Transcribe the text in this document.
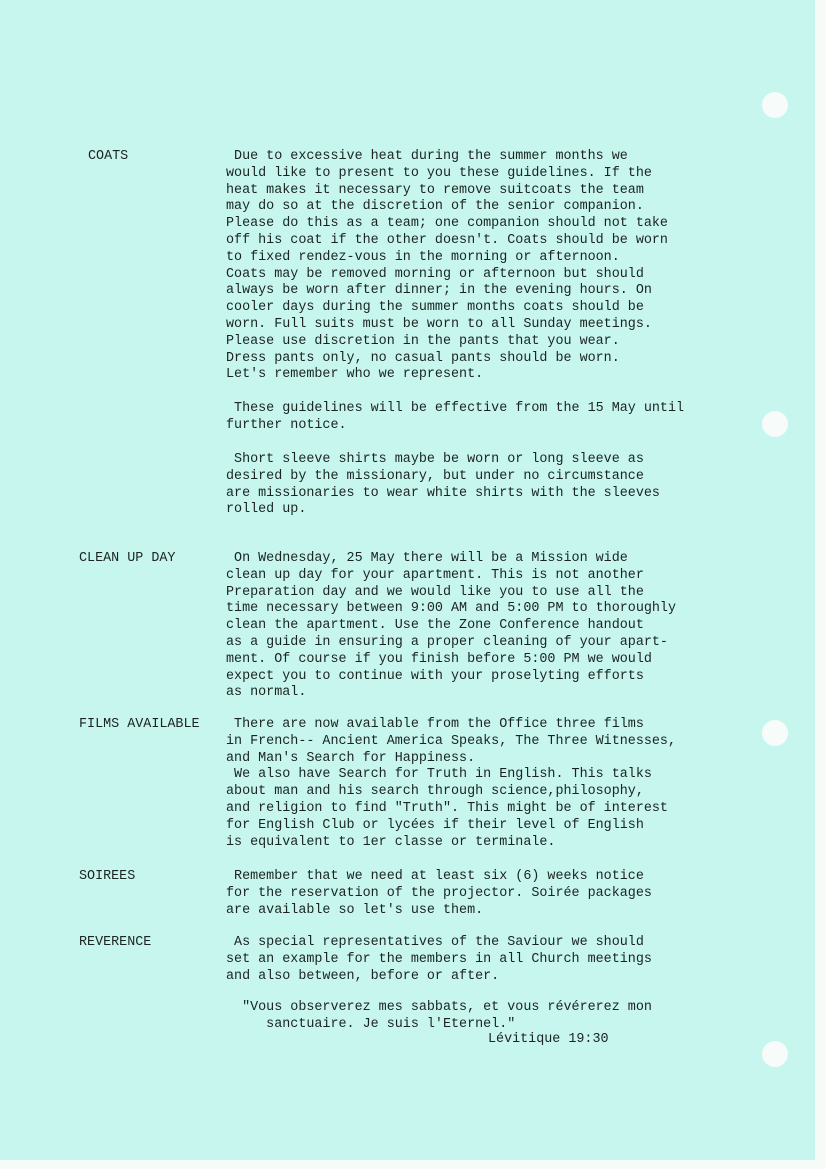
COATS	Due to excessive heat during the summer months we
would like to present to you these guidelines. If the
heat makes it necessary to remove suitcoats the team
may do so at the discretion of the senior companion.
Please do this as a team; one companion should not take
off his coat if the other doesn't. Coats should be worn
to fixed rendez-vous in the morning or afternoon.
Coats may be removed morning or afternoon but should
always be worn after dinner; in the evening hours. On
cooler days during the summer months coats should be
worn. Full suits must be worn to all Sunday meetings.
Please use discretion in the pants that you wear.
Dress pants only, no casual pants should be worn.
Let's remember who we represent.
These guidelines will be effective from the 15 May until
further notice.
Short sleeve shirts maybe be worn or long sleeve as
desired by the missionary, but under no circumstance
are missionaries to wear white shirts with the sleeves
rolled up.
CLEAN UP DAY	On Wednesday, 25 May there will be a Mission wide
clean up day for your apartment. This is not another
Preparation day and we would like you to use all the
time necessary between 9:00 AM and 5:00 PM to thoroughly
clean the apartment. Use the Zone Conference handout
as a guide in ensuring a proper cleaning of your apart-
ment. Of course if you finish before 5:00 PM we would
expect you to continue with your proselyting efforts
as normal.
FILMS AVAILABLE	There are now available from the Office three films
in French-- Ancient America Speaks, The Three Witnesses,
and Man's Search for Happiness.
We also have Search for Truth in English. This talks
about man and his search through science,philosophy,
and religion to find "Truth". This might be of interest
for English Club or lycées if their level of English
is equivalent to 1er classe or terminale.
SOIREES	Remember that we need at least six (6) weeks notice
for the reservation of the projector. Soirée packages
are available so let's use them.
REVERENCE	As special representatives of the Saviour we should
set an example for the members in all Church meetings
and also between, before or after.
"Vous observerez mes sabbats, et vous révérerez mon
sanctuaire. Je suis l'Eternel."
Lévitique 19:30
